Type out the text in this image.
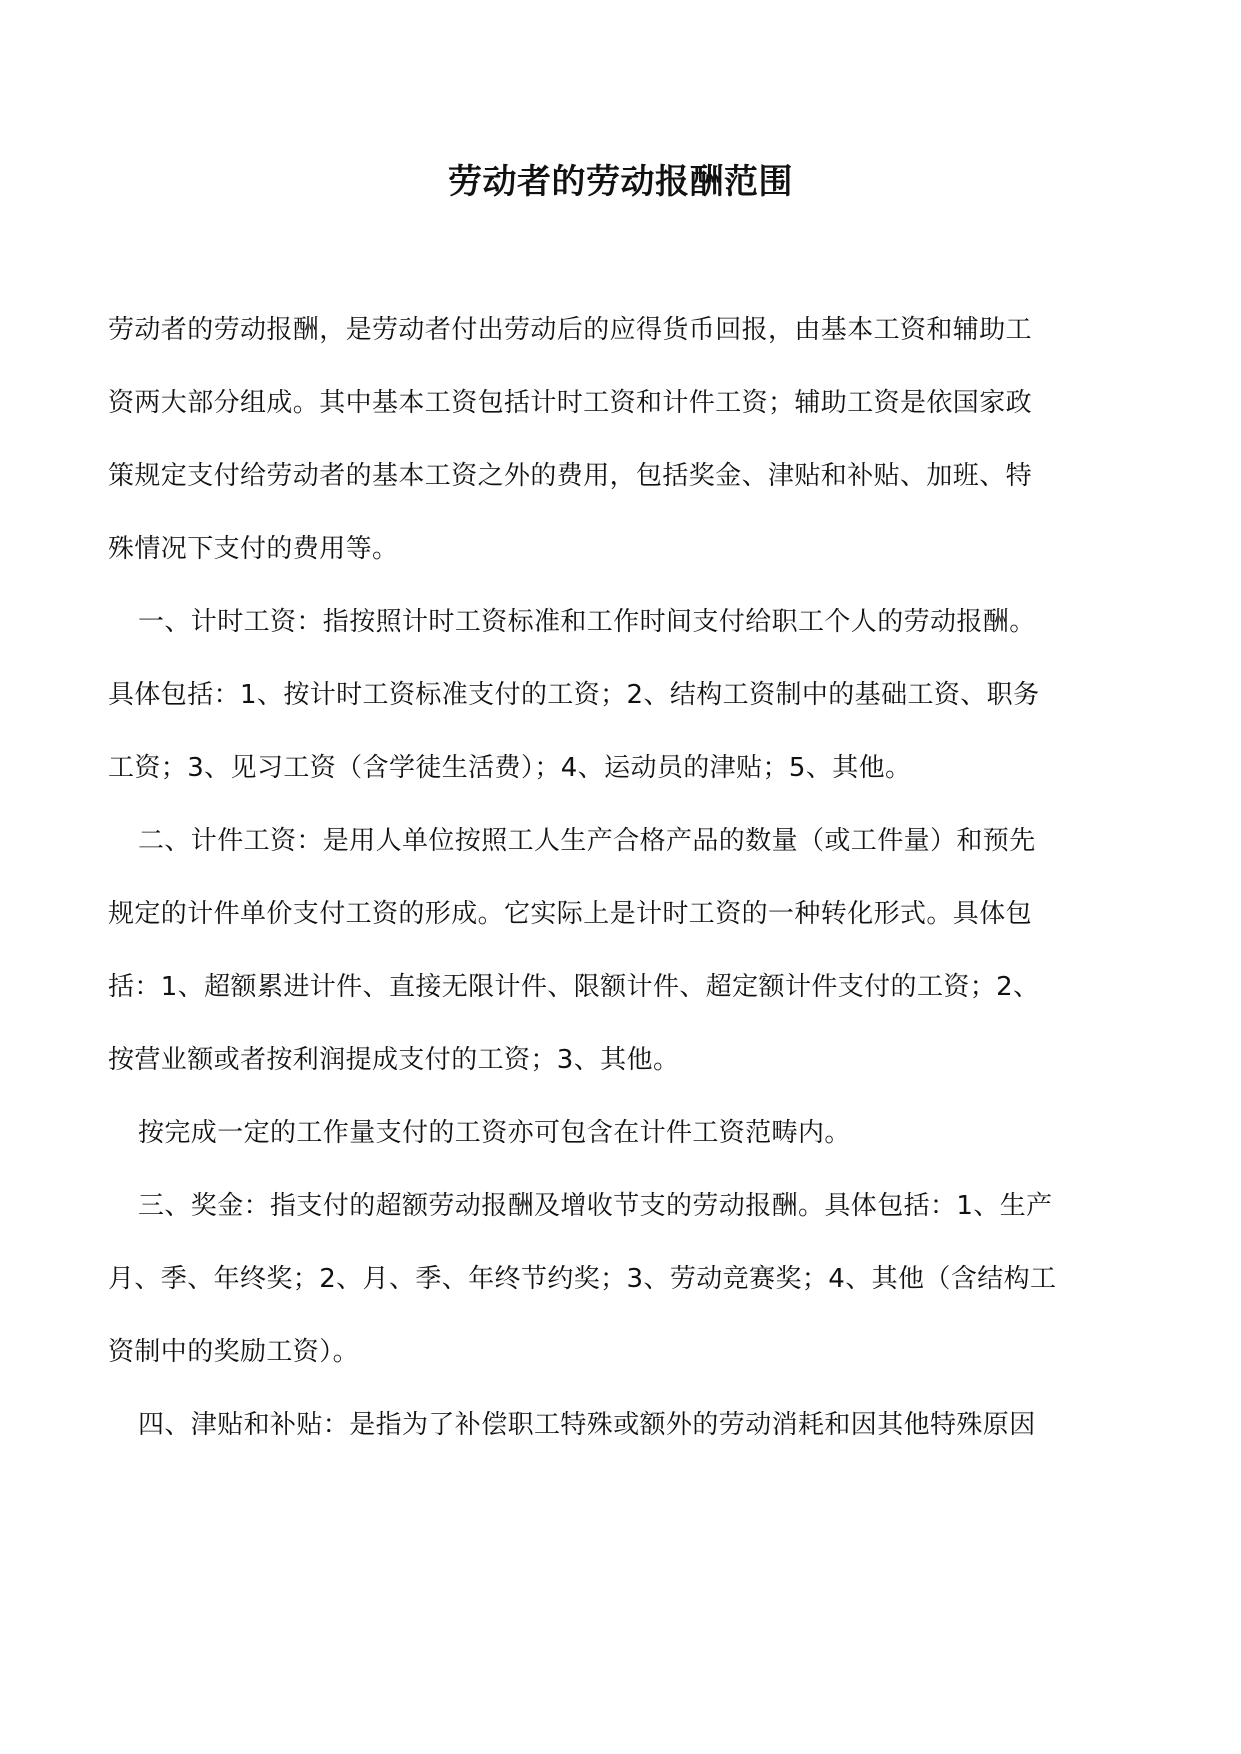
劳动者的劳动报酬范围
劳动者的劳动报酬，是劳动者付出劳动后的应得货币回报，由基本工资和辅助工
资两大部分组成。其中基本工资包括计时工资和计件工资；辅助工资是依国家政
策规定支付给劳动者的基本工资之外的费用，包括奖金、津贴和补贴、加班、特
殊情况下支付的费用等。
一、计时工资：指按照计时工资标准和工作时间支付给职工个人的劳动报酬。
具体包括：1、按计时工资标准支付的工资；2、结构工资制中的基础工资、职务
工资；3、见习工资（含学徒生活费）；4、运动员的津贴；5、其他。
二、计件工资：是用人单位按照工人生产合格产品的数量（或工件量）和预先
规定的计件单价支付工资的形成。它实际上是计时工资的一种转化形式。具体包
括：1、超额累进计件、直接无限计件、限额计件、超定额计件支付的工资；2、
按营业额或者按利润提成支付的工资；3、其他。
按完成一定的工作量支付的工资亦可包含在计件工资范畴内。
三、奖金：指支付的超额劳动报酬及增收节支的劳动报酬。具体包括：1、生产
月、季、年终奖；2、月、季、年终节约奖；3、劳动竞赛奖；4、其他（含结构工
资制中的奖励工资）。
四、津贴和补贴：是指为了补偿职工特殊或额外的劳动消耗和因其他特殊原因
